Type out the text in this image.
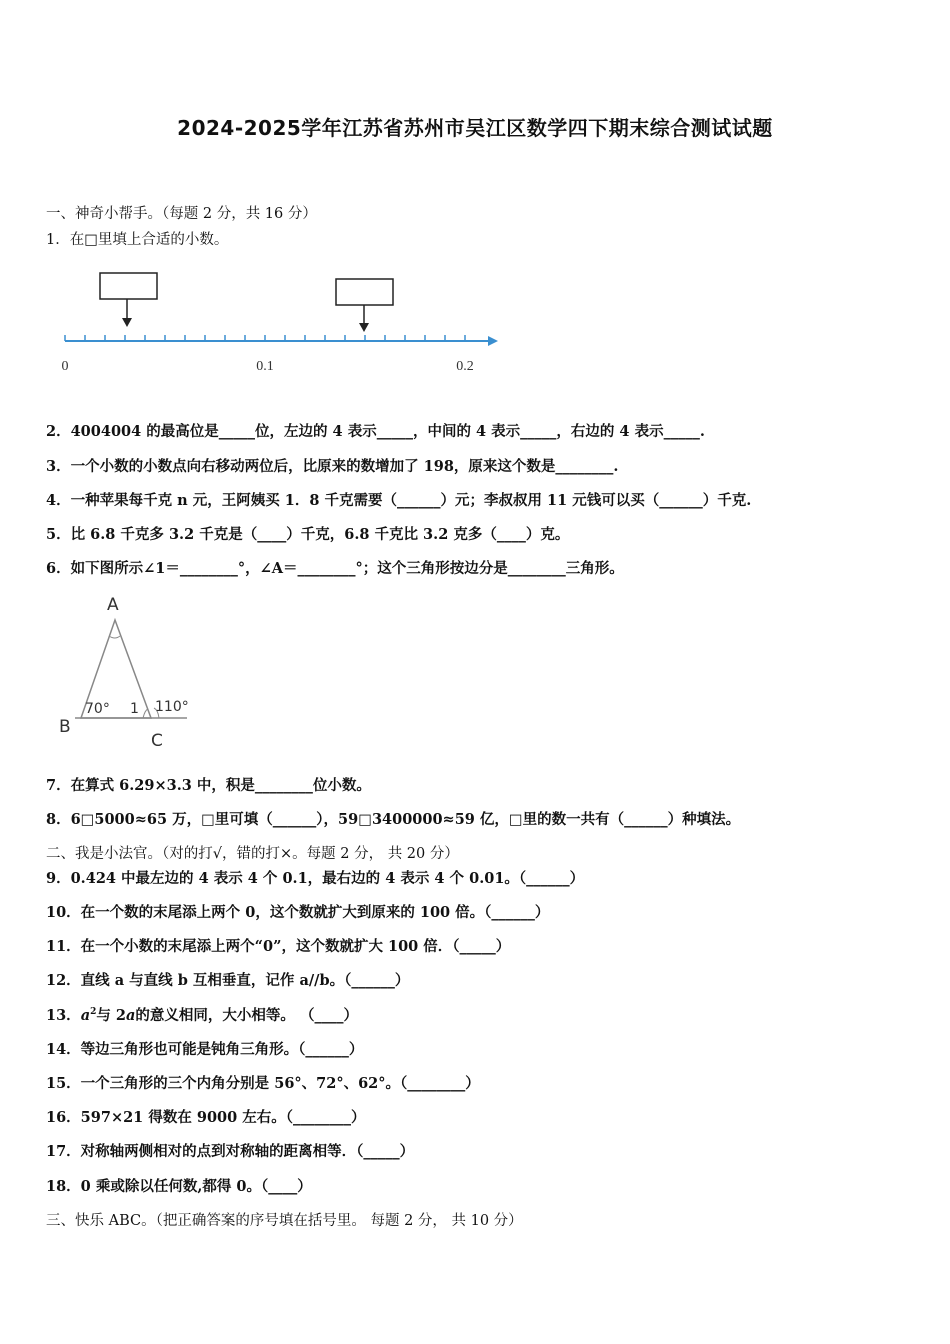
2024-2025学年江苏省苏州市吴江区数学四下期末综合测试试题
一、神奇小帮手。（每题 2 分，共 16 分）
1．在□里填上合适的小数。
0	0.1	0.2
2．4004004 的最高位是_____位，左边的 4 表示_____，中间的 4 表示_____，右边的 4 表示_____.
3．一个小数的小数点向右移动两位后，比原来的数增加了 198，原来这个数是________.
4．一种苹果每千克 n 元，王阿姨买 1．8 千克需要（______）元；李叔叔用 11 元钱可以买（______）千克.
5．比 6.8 千克多 3.2 千克是（____）千克，6.8 千克比 3.2 克多（____）克。
6．如下图所示∠1＝________°，∠A＝________°；这个三角形按边分是________三角形。
A
B
C
70° 1 110°
7．在算式 6.29×3.3 中，积是________位小数。
8．6□5000≈65 万，□里可填（______），59□3400000≈59 亿，□里的数一共有（______）种填法。
二、我是小法官。（对的打√，错的打×。每题 2 分， 共 20 分）
9．0.424 中最左边的 4 表示 4 个 0.1，最右边的 4 表示 4 个 0.01。（______）
10．在一个数的末尾添上两个 0，这个数就扩大到原来的 100 倍。（______）
11．在一个小数的末尾添上两个“0”，这个数就扩大 100 倍．（_____）
12．直线 a 与直线 b 互相垂直，记作 a//b。（______）
13．$a^2$与 2a的意义相同，大小相等。 （____）
14．等边三角形也可能是钝角三角形。（______）
15．一个三角形的三个内角分别是 56°、72°、62°。（________）
16．597×21 得数在 9000 左右。（________）
17．对称轴两侧相对的点到对称轴的距离相等．（_____）
18．0 乘或除以任何数,都得 0。（____）
三、快乐 ABC。（把正确答案的序号填在括号里。 每题 2 分， 共 10 分）
